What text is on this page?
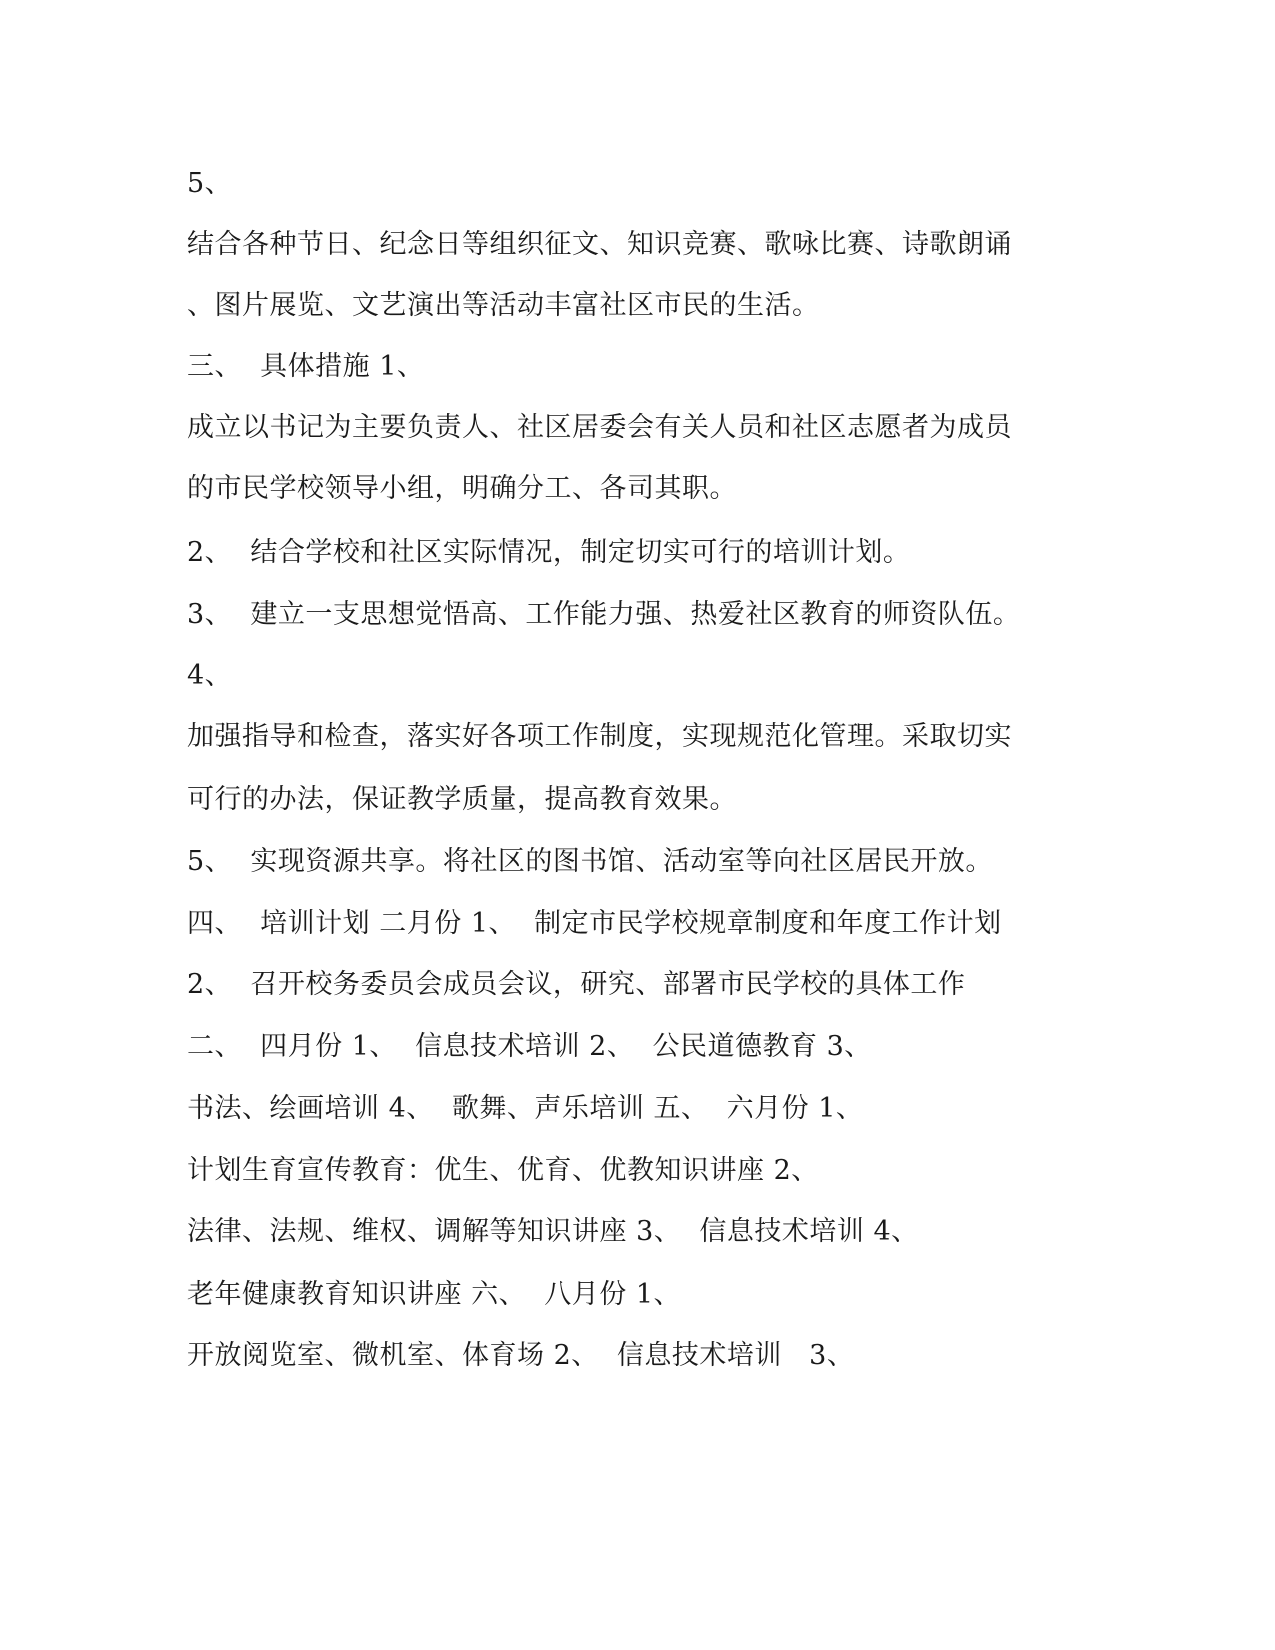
5、
结合各种节日、纪念日等组织征文、知识竞赛、歌咏比赛、诗歌朗诵
、图片展览、文艺演出等活动丰富社区市民的生活。
三、  具体措施 1、
成立以书记为主要负责人、社区居委会有关人员和社区志愿者为成员
的市民学校领导小组，明确分工、各司其职。
2、  结合学校和社区实际情况，制定切实可行的培训计划。
3、  建立一支思想觉悟高、工作能力强、热爱社区教育的师资队伍。
4、
加强指导和检查，落实好各项工作制度，实现规范化管理。采取切实
可行的办法，保证教学质量，提高教育效果。
5、  实现资源共享。将社区的图书馆、活动室等向社区居民开放。
四、  培训计划 二月份 1、  制定市民学校规章制度和年度工作计划
2、  召开校务委员会成员会议，研究、部署市民学校的具体工作
二、  四月份 1、  信息技术培训 2、  公民道德教育 3、
书法、绘画培训 4、  歌舞、声乐培训 五、  六月份 1、
计划生育宣传教育：优生、优育、优教知识讲座 2、
法律、法规、维权、调解等知识讲座 3、  信息技术培训 4、
老年健康教育知识讲座 六、  八月份 1、
开放阅览室、微机室、体育场 2、  信息技术培训   3、
